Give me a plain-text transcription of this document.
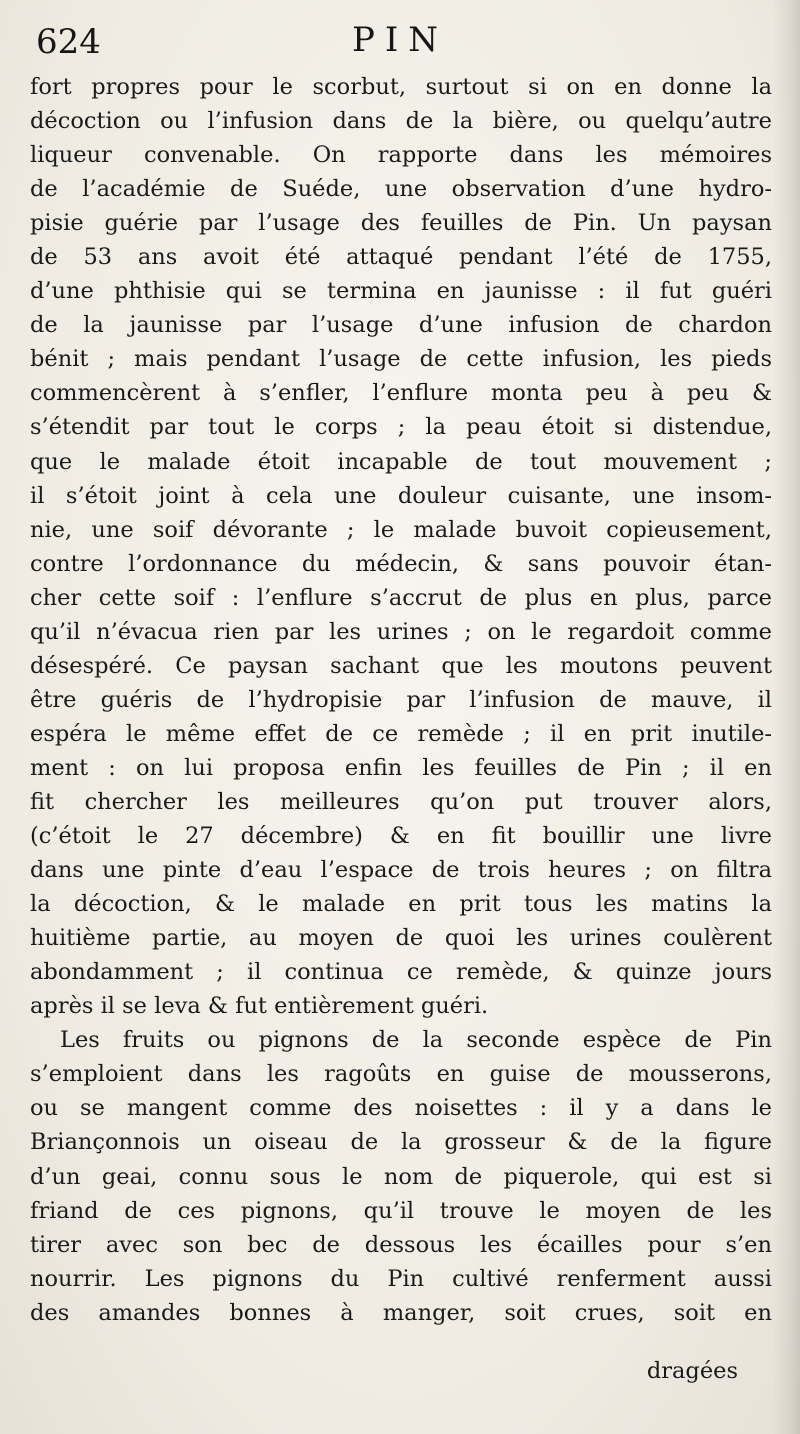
624	PIN
fort propres pour le scorbut, surtout si on en donne la
décoction ou l’infusion dans de la bière, ou quelqu’autre
liqueur convenable. On rapporte dans les mémoires
de l’académie de Suéde, une observation d’une hydro-
pisie guérie par l’usage des feuilles de Pin. Un paysan
de 53 ans avoit été attaqué pendant l’été de 1755,
d’une phthisie qui se termina en jaunisse : il fut guéri
de la jaunisse par l’usage d’une infusion de chardon
bénit ; mais pendant l’usage de cette infusion, les pieds
commencèrent à s’enfler, l’enflure monta peu à peu &
s’étendit par tout le corps ; la peau étoit si distendue,
que le malade étoit incapable de tout mouvement ;
il s’étoit joint à cela une douleur cuisante, une insom-
nie, une soif dévorante ; le malade buvoit copieusement,
contre l’ordonnance du médecin, & sans pouvoir étan-
cher cette soif : l’enflure s’accrut de plus en plus, parce
qu’il n’évacua rien par les urines ; on le regardoit comme
désespéré. Ce paysan sachant que les moutons peuvent
être guéris de l’hydropisie par l’infusion de mauve, il
espéra le même effet de ce remède ; il en prit inutile-
ment : on lui proposa enfin les feuilles de Pin ; il en
fit chercher les meilleures qu’on put trouver alors,
(c’étoit le 27 décembre) & en fit bouillir une livre
dans une pinte d’eau l’espace de trois heures ; on filtra
la décoction, & le malade en prit tous les matins la
huitième partie, au moyen de quoi les urines coulèrent
abondamment ; il continua ce remède, & quinze jours
après il se leva & fut entièrement guéri.
Les fruits ou pignons de la seconde espèce de Pin
s’emploient dans les ragoûts en guise de mousserons,
ou se mangent comme des noisettes : il y a dans le
Briançonnois un oiseau de la grosseur & de la figure
d’un geai, connu sous le nom de piquerole, qui est si
friand de ces pignons, qu’il trouve le moyen de les
tirer avec son bec de dessous les écailles pour s’en
nourrir. Les pignons du Pin cultivé renferment aussi
des amandes bonnes à manger, soit crues, soit en
dragées
